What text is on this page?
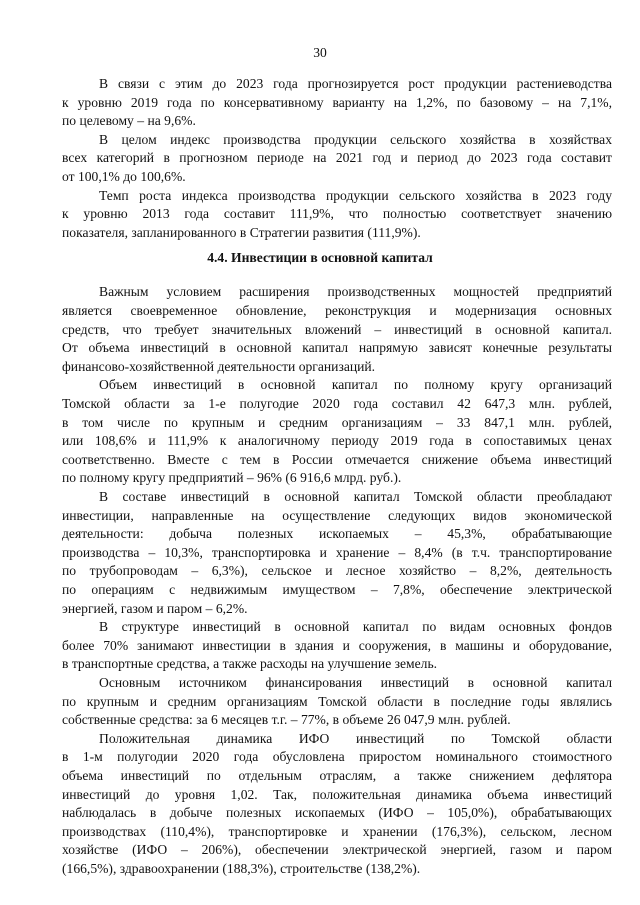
30
В связи с этим до 2023 года прогнозируется рост продукции растениеводства
к уровню 2019 года по консервативному варианту на 1,2%, по базовому – на 7,1%,
по целевому – на 9,6%.
В целом индекс производства продукции сельского хозяйства в хозяйствах
всех категорий в прогнозном периоде на 2021 год и период до 2023 года составит
от 100,1% до 100,6%.
Темп роста индекса производства продукции сельского хозяйства в 2023 году
к уровню 2013 года составит 111,9%, что полностью соответствует значению
показателя, запланированного в Стратегии развития (111,9%).
4.4. Инвестиции в основной капитал
Важным условием расширения производственных мощностей предприятий
является своевременное обновление, реконструкция и модернизация основных
средств, что требует значительных вложений – инвестиций в основной капитал.
От объема инвестиций в основной капитал напрямую зависят конечные результаты
финансово-хозяйственной деятельности организаций.
Объем инвестиций в основной капитал по полному кругу организаций
Томской области за 1-е полугодие 2020 года составил 42 647,3 млн. рублей,
в том числе по крупным и средним организациям – 33 847,1 млн. рублей,
или 108,6% и 111,9% к аналогичному периоду 2019 года в сопоставимых ценах
соответственно. Вместе с тем в России отмечается снижение объема инвестиций
по полному кругу предприятий – 96% (6 916,6 млрд. руб.).
В составе инвестиций в основной капитал Томской области преобладают
инвестиции, направленные на осуществление следующих видов экономической
деятельности: добыча полезных ископаемых – 45,3%, обрабатывающие
производства – 10,3%, транспортировка и хранение – 8,4% (в т.ч. транспортирование
по трубопроводам – 6,3%), сельское и лесное хозяйство – 8,2%, деятельность
по операциям с недвижимым имуществом – 7,8%, обеспечение электрической
энергией, газом и паром – 6,2%.
В структуре инвестиций в основной капитал по видам основных фондов
более 70% занимают инвестиции в здания и сооружения, в машины и оборудование,
в транспортные средства, а также расходы на улучшение земель.
Основным источником финансирования инвестиций в основной капитал
по крупным и средним организациям Томской области в последние годы являлись
собственные средства: за 6 месяцев т.г. – 77%, в объеме 26 047,9 млн. рублей.
Положительная динамика ИФО инвестиций по Томской области
в 1-м полугодии 2020 года обусловлена приростом номинального стоимостного
объема инвестиций по отдельным отраслям, а также снижением дефлятора
инвестиций до уровня 1,02. Так, положительная динамика объема инвестиций
наблюдалась в добыче полезных ископаемых (ИФО – 105,0%), обрабатывающих
производствах (110,4%), транспортировке и хранении (176,3%), сельском, лесном
хозяйстве (ИФО – 206%), обеспечении электрической энергией, газом и паром
(166,5%), здравоохранении (188,3%), строительстве (138,2%).
